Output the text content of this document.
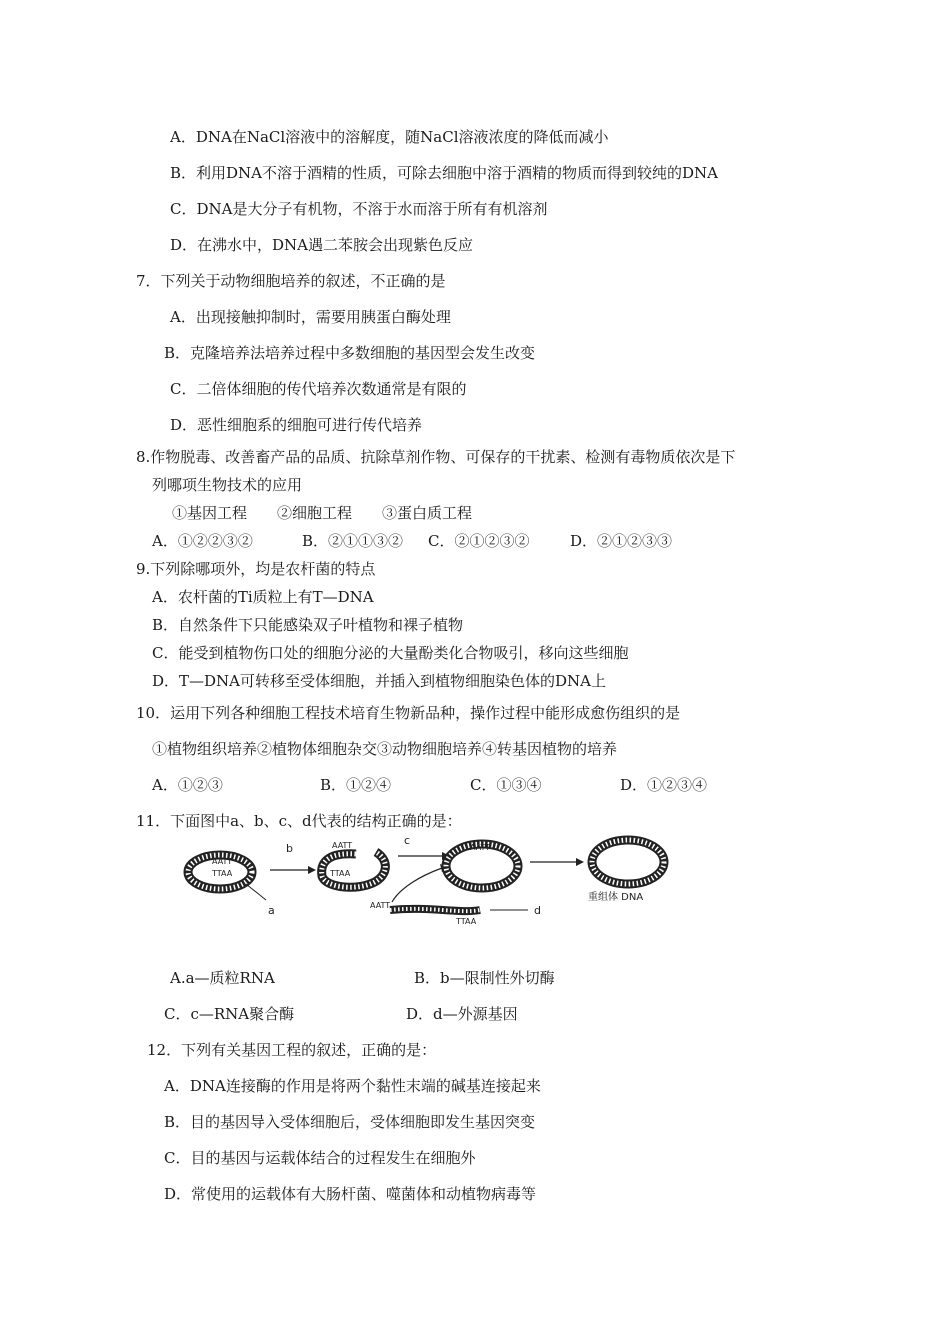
A．DNA在NaCl溶液中的溶解度，随NaCl溶液浓度的降低而减小
B．利用DNA不溶于酒精的性质，可除去细胞中溶于酒精的物质而得到较纯的DNA
C．DNA是大分子有机物，不溶于水而溶于所有有机溶剂
D．在沸水中，DNA遇二苯胺会出现紫色反应
7．下列关于动物细胞培养的叙述，不正确的是
A．出现接触抑制时，需要用胰蛋白酶处理
B．克隆培养法培养过程中多数细胞的基因型会发生改变
C．二倍体细胞的传代培养次数通常是有限的
D．恶性细胞系的细胞可进行传代培养
8.作物脱毒、改善畜产品的品质、抗除草剂作物、可保存的干扰素、检测有毒物质依次是下
列哪项生物技术的应用
①基因工程　　②细胞工程　　③蛋白质工程
A．①②②③②	B．②①①③② C．②①②③②	D．②①②③③
9.下列除哪项外，均是农杆菌的特点
A．农杆菌的Ti质粒上有T—DNA
B．自然条件下只能感染双子叶植物和裸子植物
C．能受到植物伤口处的细胞分泌的大量酚类化合物吸引，移向这些细胞
D．T—DNA可转移至受体细胞，并插入到植物细胞染色体的DNA上
10．运用下列各种细胞工程技术培育生物新品种，操作过程中能形成愈伤组织的是
①植物组织培养②植物体细胞杂交③动物细胞培养④转基因植物的培养
A．①②③	B．①②④	C．①③④	D．①②③④
11．下面图中a、b、c、d代表的结构正确的是：
AATT
TTAA
a
b	AATT
TTAA
c
AATT
TTAA
d
AATT
重组体 DNA
A.a—质粒RNA	B．b—限制性外切酶
C．c—RNA聚合酶	D．d—外源基因
12．下列有关基因工程的叙述，正确的是：
A．DNA连接酶的作用是将两个黏性末端的碱基连接起来
B．目的基因导入受体细胞后，受体细胞即发生基因突变
C．目的基因与运载体结合的过程发生在细胞外
D．常使用的运载体有大肠杆菌、噬菌体和动植物病毒等
